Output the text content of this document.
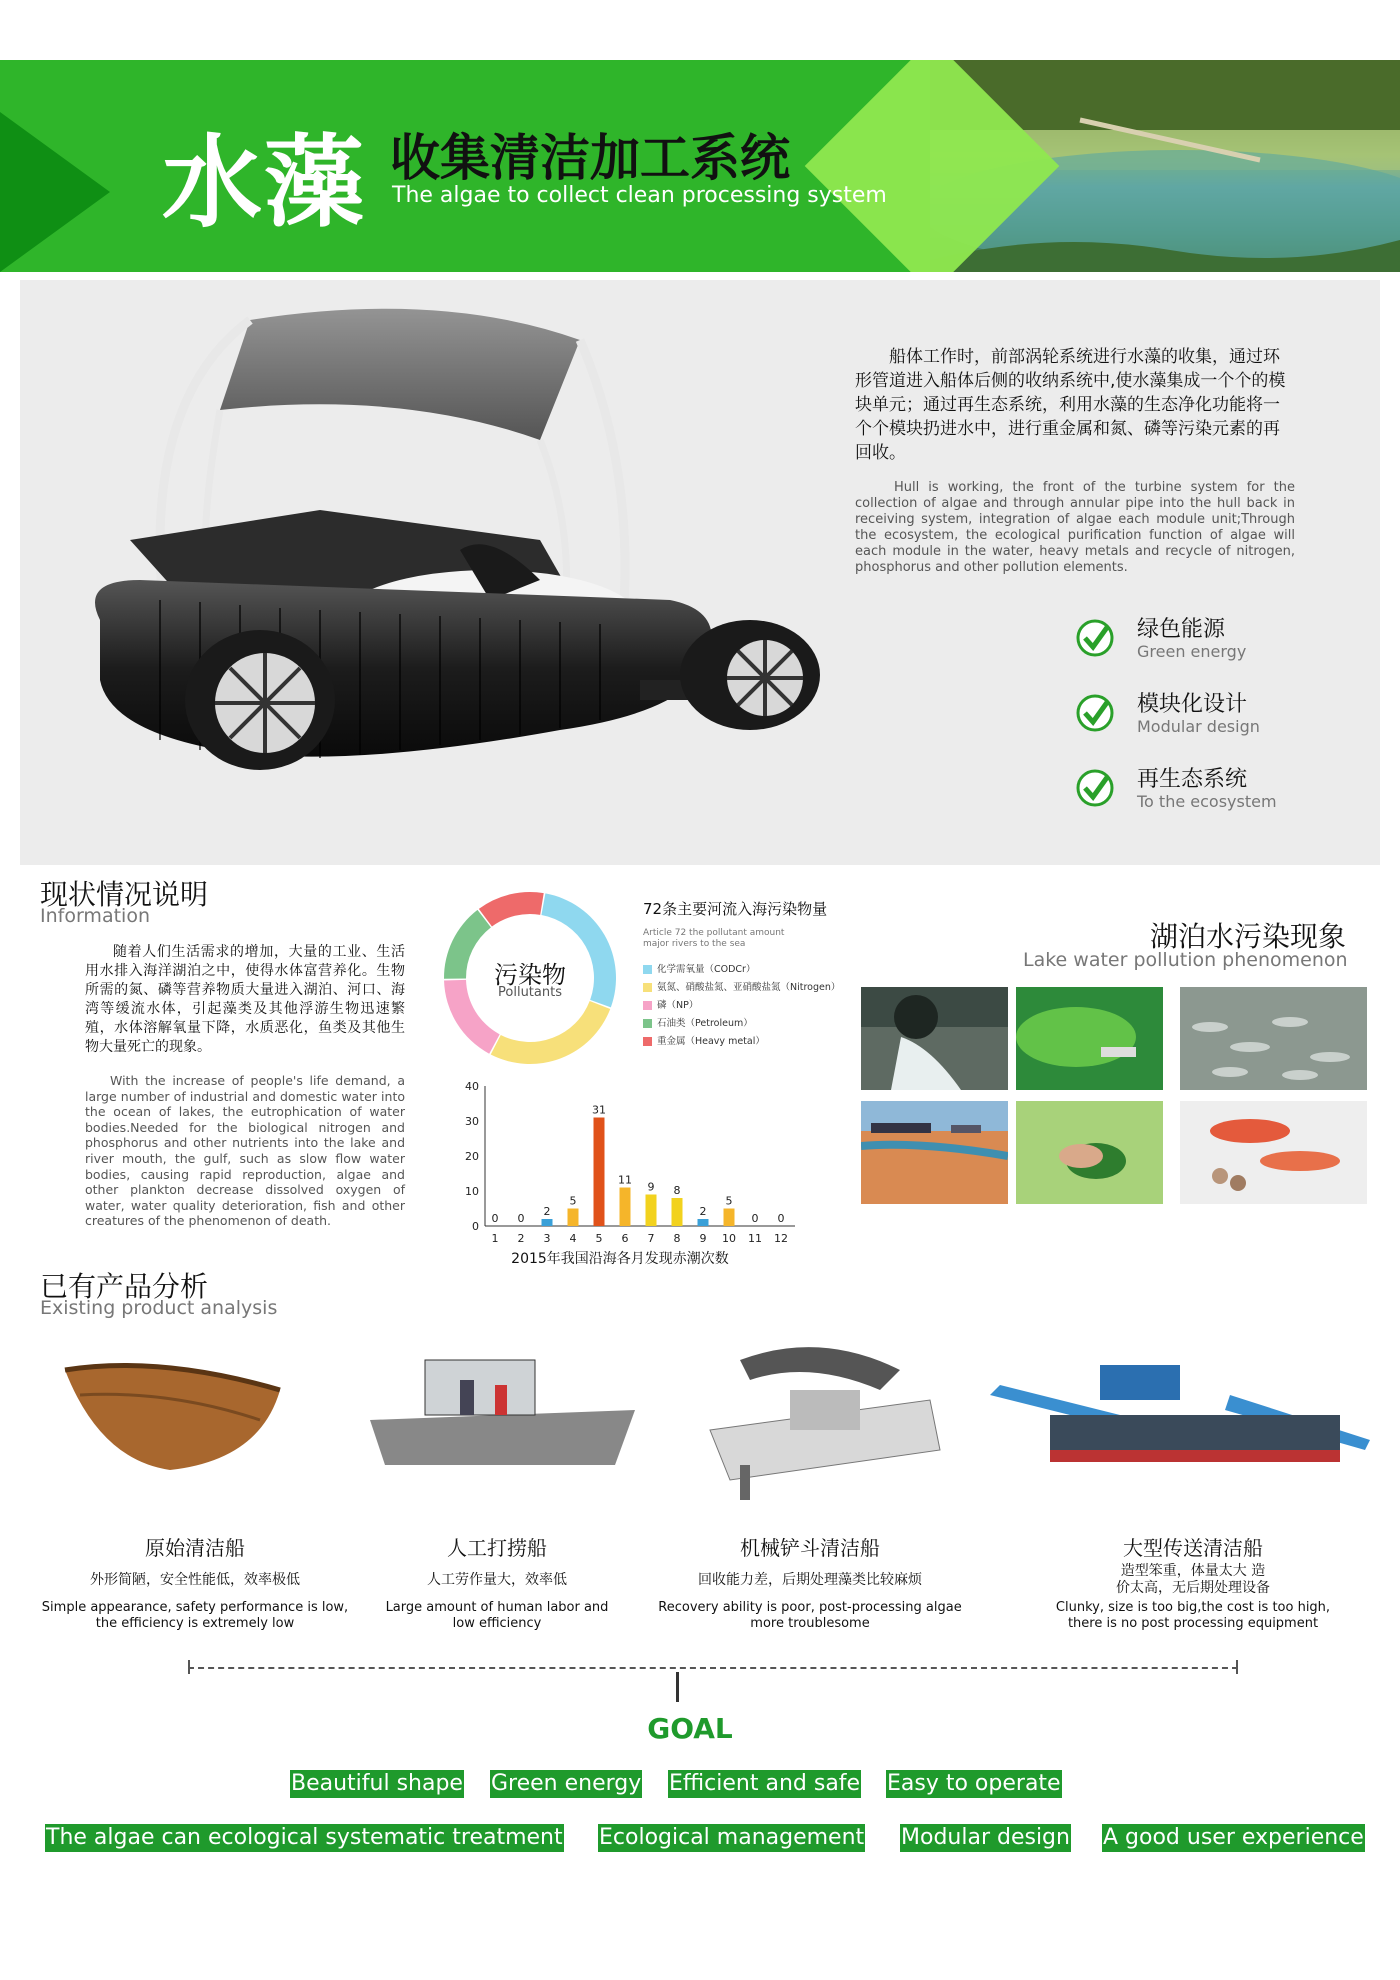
水藻 收集清洁加工系统
The algae to collect clean processing system
船体工作时，前部涡轮系统进行水藻的收集，通过环形管道进入船体后侧的收纳系统中,使水藻集成一个个的模块单元；通过再生态系统，利用水藻的生态净化功能将一个个模块扔进水中，进行重金属和氮、磷等污染元素的再回收。
Hull is working, the front of the turbine system for the collection of algae and through annular pipe into the hull back in receiving system, integration of algae each module unit;Through the ecosystem, the ecological purification function of algae will each module in the water, heavy metals and recycle of nitrogen, phosphorus and other pollution elements.
绿色能源
Green energy
模块化设计
Modular design
再生态系统
To the ecosystem
现状情况说明
Information
随着人们生活需求的增加，大量的工业、生活用水排入海洋湖泊之中，使得水体富营养化。生物所需的氮、磷等营养物质大量进入湖泊、河口、海湾等缓流水体，引起藻类及其他浮游生物迅速繁殖，水体溶解氧量下降，水质恶化，鱼类及其他生物大量死亡的现象。
With the increase of people's life demand, a large number of industrial and domestic water into the ocean of lakes, the eutrophication of water bodies.Needed for the biological nitrogen and phosphorus and other nutrients into the lake and river mouth, the gulf, such as slow flow water bodies, causing rapid reproduction, algae and other plankton decrease dissolved oxygen of water, water quality deterioration, fish and other creatures of the phenomenon of death.
污染物
Pollutants
72条主要河流入海污染物量
Article 72 the pollutant amount major rivers to the sea
化学需氧量（CODCr）
氨氮、硝酸盐氮、亚硝酸盐氮（Nitrogen）
磷（NP）
石油类（Petroleum）
重金属（Heavy metal）
0
10
20
30
40
0
1
0
2
2
3
5
4
31
5
11
6
9
7
8
8
2
9
5
10
0
11
0
12
2015年我国沿海各月发现赤潮次数
湖泊水污染现象
Lake water pollution phenomenon
已有产品分析
Existing product analysis
原始清洁船
外形简陋，安全性能低，效率极低
Simple appearance, safety performance is low, the efficiency is extremely low
人工打捞船
人工劳作量大，效率低
Large amount of human labor and low efficiency
机械铲斗清洁船
回收能力差，后期处理藻类比较麻烦
Recovery ability is poor, post-processing algae more troublesome
大型传送清洁船
造型笨重，体量太大 造价太高，无后期处理设备
Clunky, size is too big,the cost is too high, there is no post processing equipment
GOAL
Beautiful shape Green energy Efficient and safe Easy to operate
The algae can ecological systematic treatment Ecological management Modular design A good user experience
